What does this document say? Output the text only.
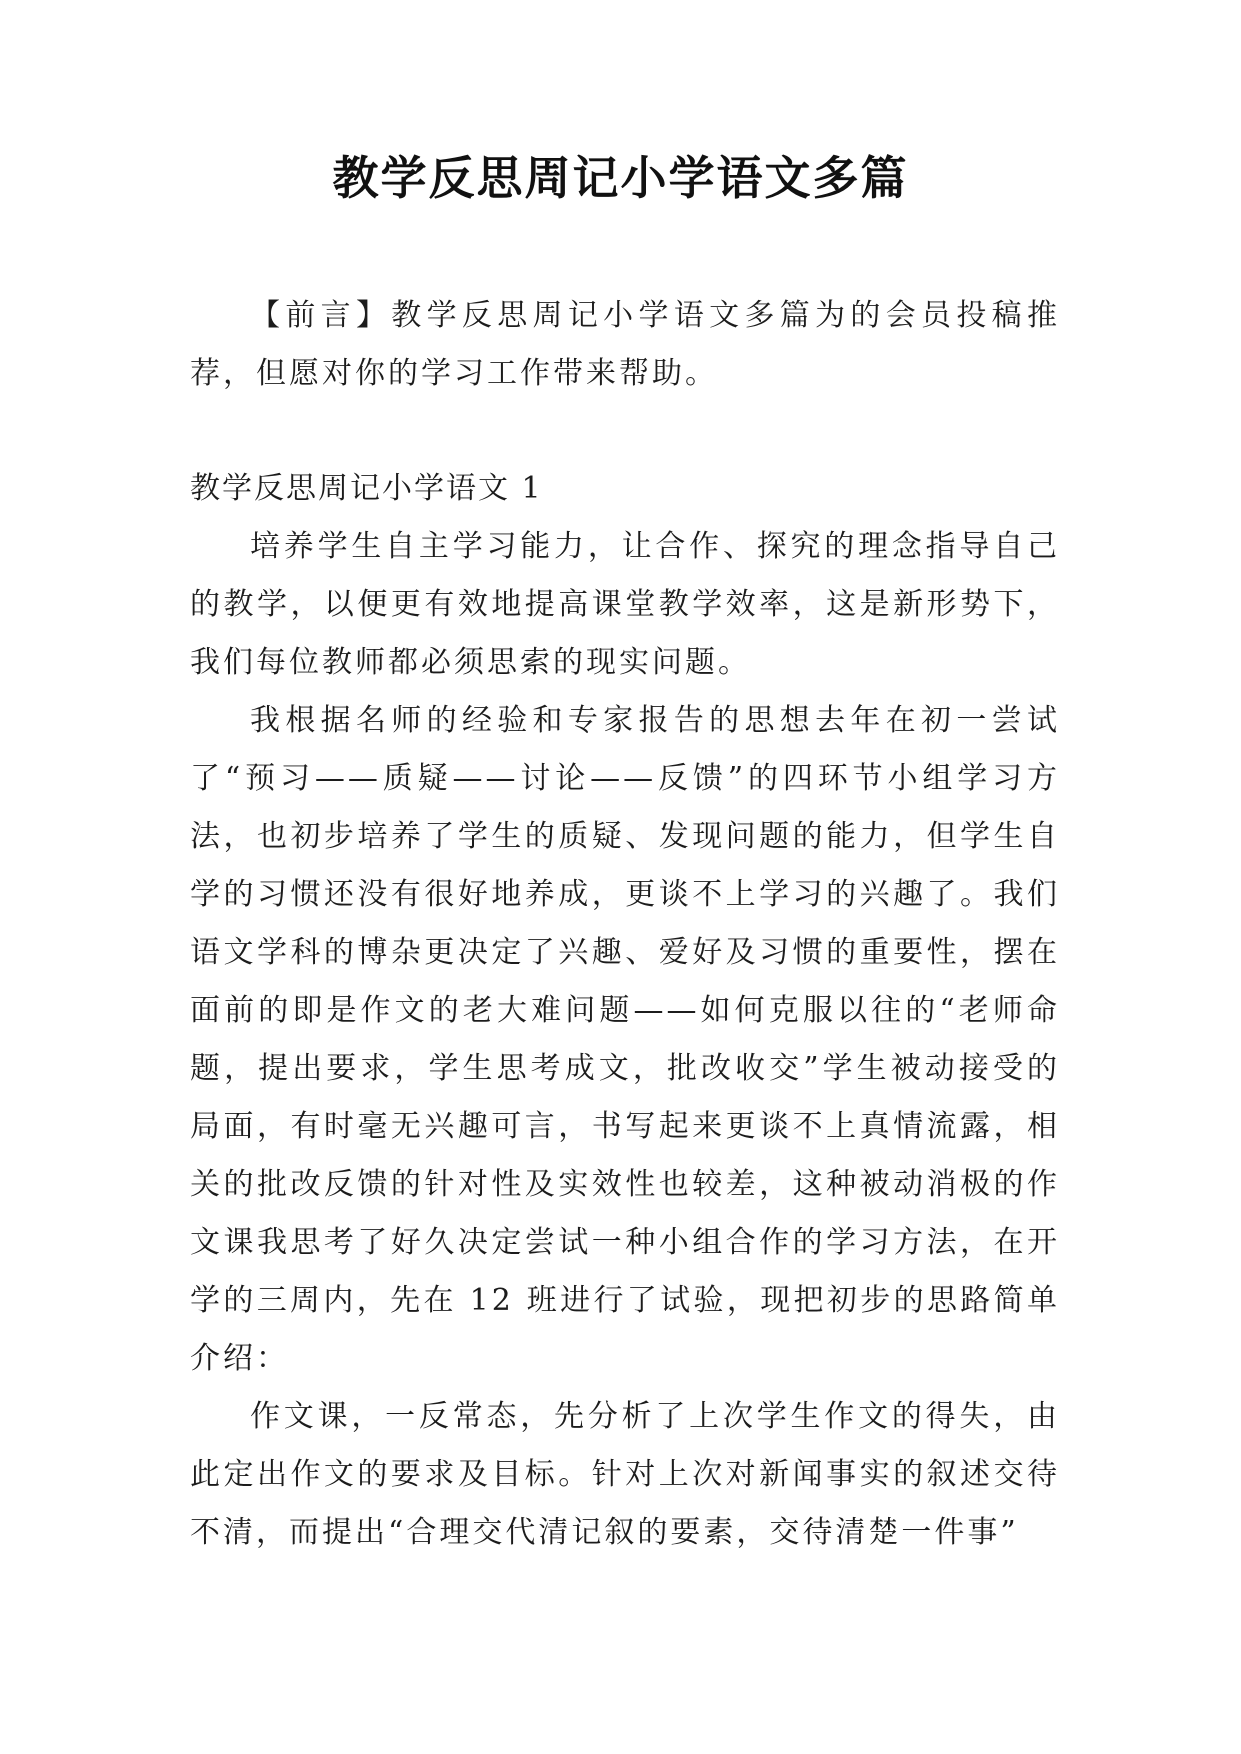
教学反思周记小学语文多篇

【前言】教学反思周记小学语文多篇为的会员投稿推荐，但愿对你的学习工作带来帮助。

教学反思周记小学语文 1

培养学生自主学习能力，让合作、探究的理念指导自己的教学，以便更有效地提高课堂教学效率，这是新形势下，我们每位教师都必须思索的现实问题。

我根据名师的经验和专家报告的思想去年在初一尝试了“预习——质疑——讨论——反馈”的四环节小组学习方法，也初步培养了学生的质疑、发现问题的能力，但学生自学的习惯还没有很好地养成，更谈不上学习的兴趣了。我们语文学科的博杂更决定了兴趣、爱好及习惯的重要性，摆在面前的即是作文的老大难问题——如何克服以往的“老师命题，提出要求，学生思考成文，批改收交”学生被动接受的局面，有时毫无兴趣可言，书写起来更谈不上真情流露，相关的批改反馈的针对性及实效性也较差，这种被动消极的作文课我思考了好久决定尝试一种小组合作的学习方法，在开学的三周内，先在 12 班进行了试验，现把初步的思路简单介绍：

作文课，一反常态，先分析了上次学生作文的得失，由此定出作文的要求及目标。针对上次对新闻事实的叙述交待不清，而提出“合理交代清记叙的要素，交待清楚一件事”
